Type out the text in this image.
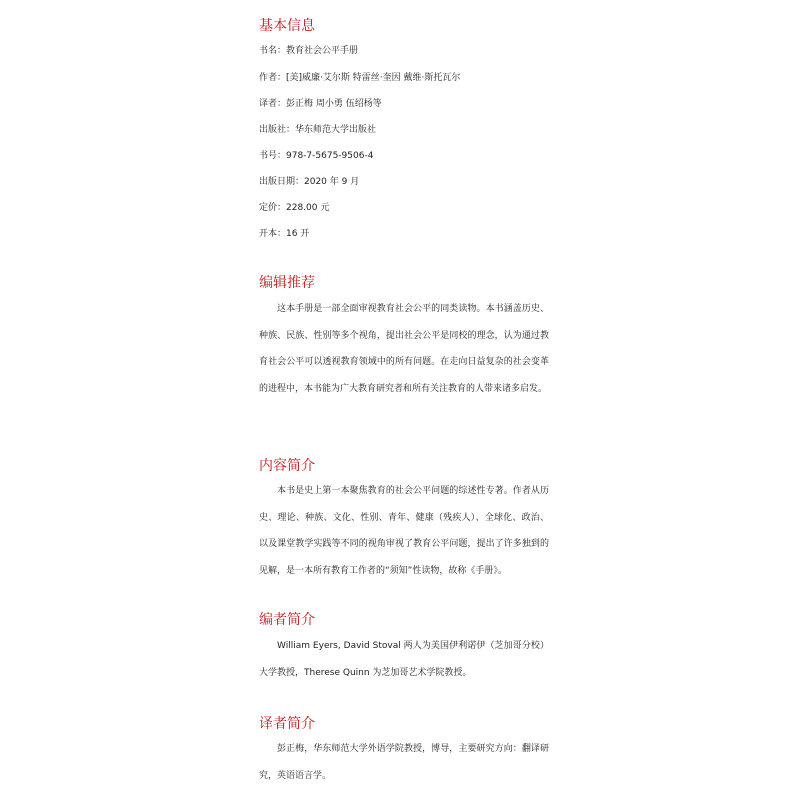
基本信息
书名：教育社会公平手册
作者：[美]威廉·艾尔斯 特雷丝·奎因 戴维·斯托瓦尔
译者：彭正梅 周小勇 伍绍杨等
出版社：华东师范大学出版社
书号：978-7-5675-9506-4
出版日期：2020 年 9 月
定价：228.00 元
开本：16 开
编辑推荐

这本手册是一部全面审视教育社会公平的同类读物。本书涵盖历史、种族、民族、性别等多个视角，提出社会公平是同校的理念，认为通过教育社会公平可以透视教育领域中的所有问题。在走向日益复杂的社会变革的进程中，本书能为广大教育研究者和所有关注教育的人带来诸多启发。

内容简介

本书是史上第一本聚焦教育的社会公平问题的综述性专著。作者从历史、理论、种族、文化、性别、青年、健康（残疾人）、全球化、政治、以及课堂教学实践等不同的视角审视了教育公平问题，提出了许多独到的见解，是一本所有教育工作者的“须知”性读物，故称《手册》。

编者简介

William Eyers, David Stoval 两人为美国伊利诺伊（芝加哥分校）大学教授，Therese Quinn 为芝加哥艺术学院教授。

译者简介

彭正梅，华东师范大学外语学院教授，博导，主要研究方向：翻译研究，英语语言学。
